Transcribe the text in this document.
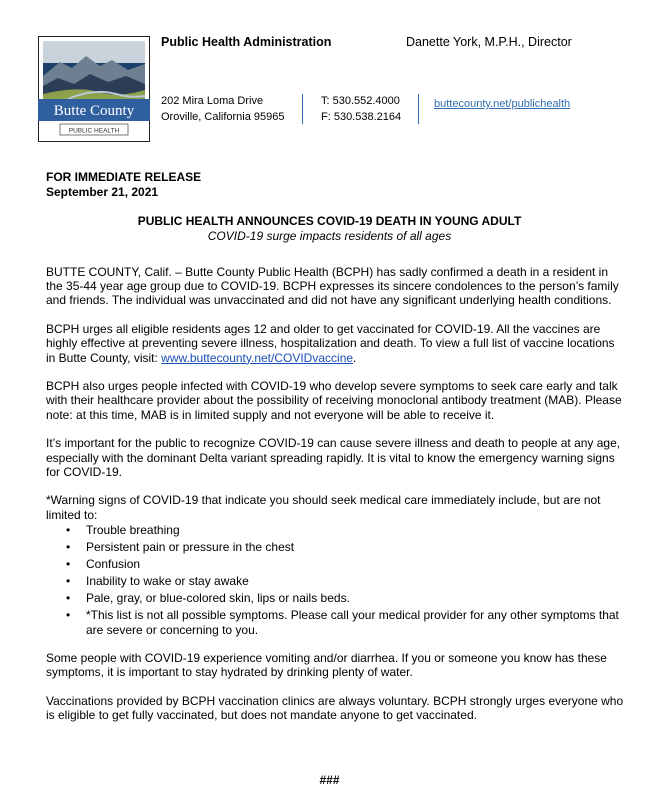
Butte County
PUBLIC HEALTH
Public Health Administration	Danette York, M.P.H., Director
202 Mira Loma Drive
Oroville, California 95965
T: 530.552.4000
F: 530.538.2164
buttecounty.net/publichealth
FOR IMMEDIATE RELEASE
September 21, 2021
PUBLIC HEALTH ANNOUNCES COVID-19 DEATH IN YOUNG ADULT
COVID-19 surge impacts residents of all ages

BUTTE COUNTY, Calif. – Butte County Public Health (BCPH) has sadly confirmed a death in a resident in the 35-44 year age group due to COVID-19. BCPH expresses its sincere condolences to the person’s family and friends. The individual was unvaccinated and did not have any significant underlying health conditions.

BCPH urges all eligible residents ages 12 and older to get vaccinated for COVID-19. All the vaccines are highly effective at preventing severe illness, hospitalization and death. To view a full list of vaccine locations in Butte County, visit: www.buttecounty.net/COVIDvaccine.

BCPH also urges people infected with COVID-19 who develop severe symptoms to seek care early and talk with their healthcare provider about the possibility of receiving monoclonal antibody treatment (MAB). Please note: at this time, MAB is in limited supply and not everyone will be able to receive it.

It’s important for the public to recognize COVID-19 can cause severe illness and death to people at any age, especially with the dominant Delta variant spreading rapidly. It is vital to know the emergency warning signs for COVID-19.

*Warning signs of COVID-19 that indicate you should seek medical care immediately include, but are not limited to:

• Trouble breathing
• Persistent pain or pressure in the chest
• Confusion
• Inability to wake or stay awake
• Pale, gray, or blue-colored skin, lips or nails beds.
• *This list is not all possible symptoms. Please call your medical provider for any other symptoms that are severe or concerning to you.

Some people with COVID-19 experience vomiting and/or diarrhea. If you or someone you know has these symptoms, it is important to stay hydrated by drinking plenty of water.

Vaccinations provided by BCPH vaccination clinics are always voluntary. BCPH strongly urges everyone who is eligible to get fully vaccinated, but does not mandate anyone to get vaccinated.

###
